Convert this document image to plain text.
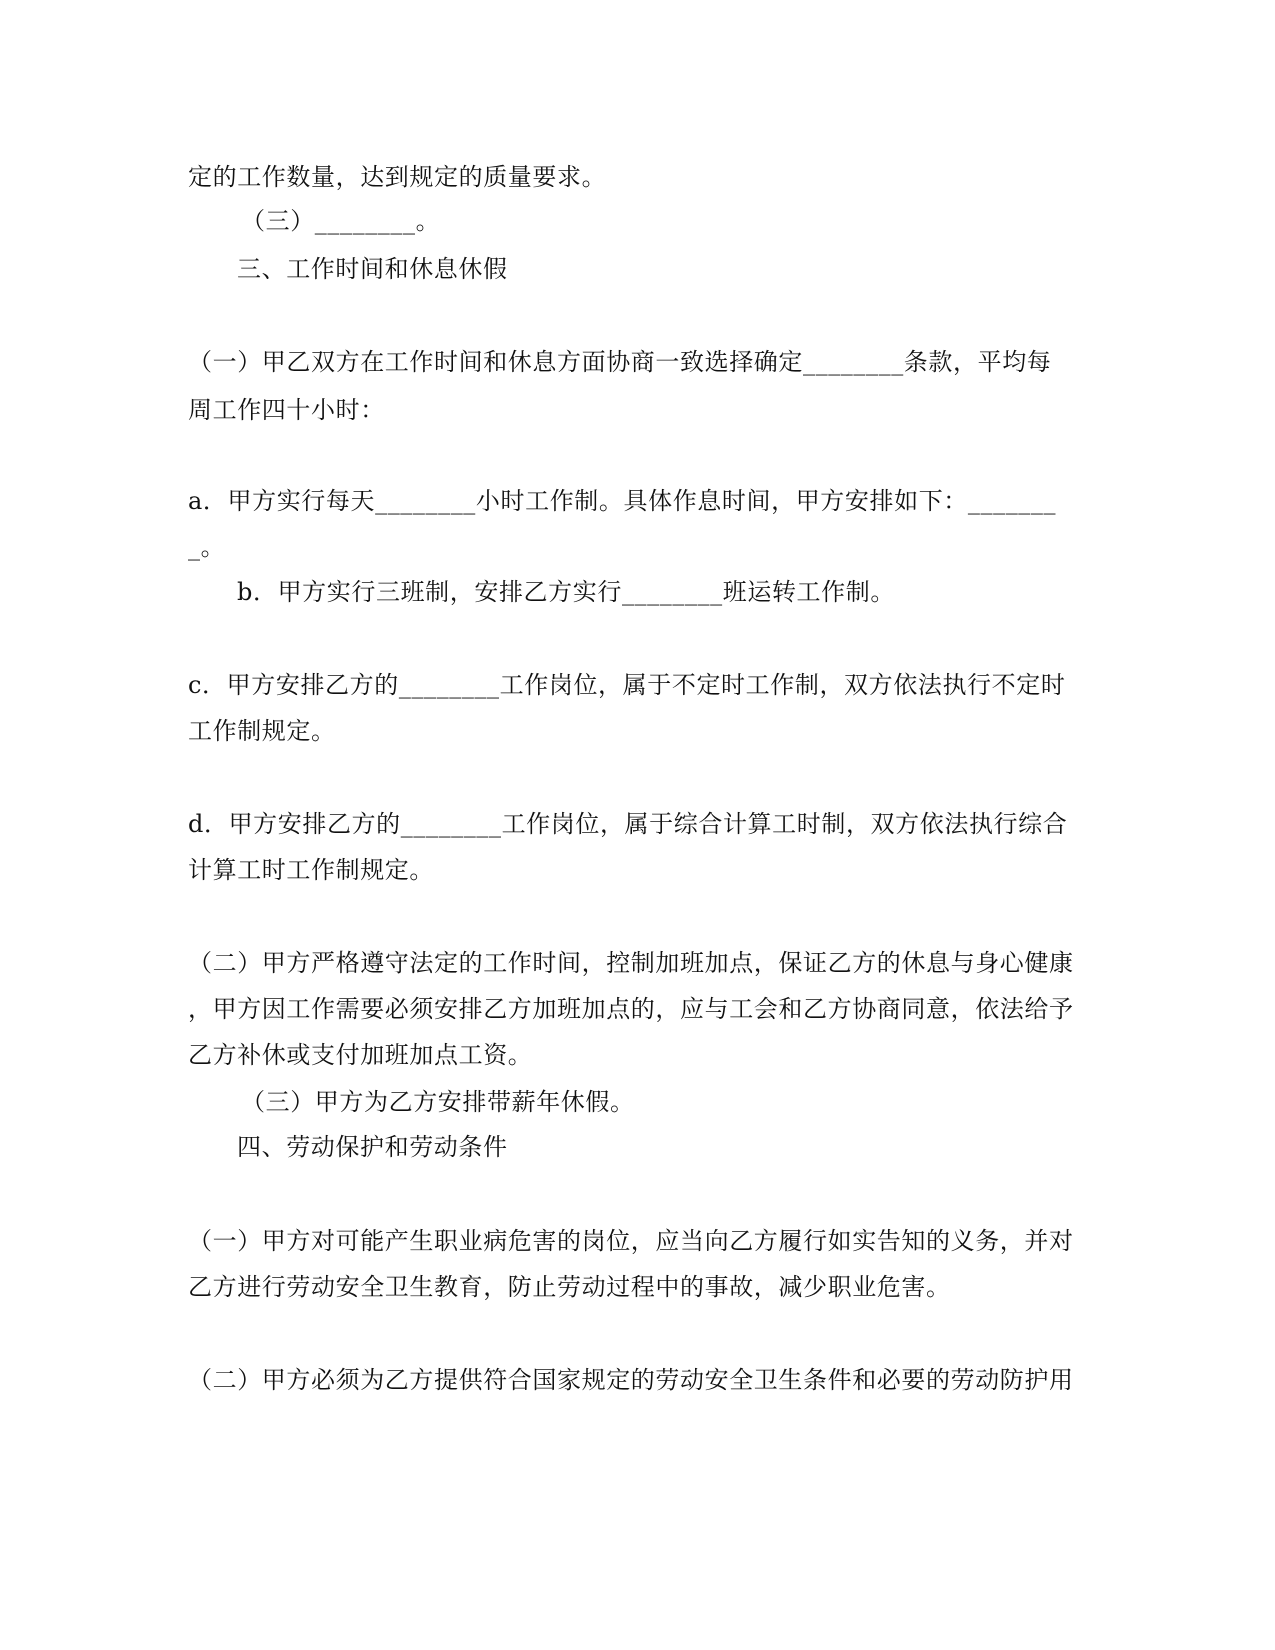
定的工作数量，达到规定的质量要求。
（三）________。
三、工作时间和休息休假
（一）甲乙双方在工作时间和休息方面协商一致选择确定________条款，平均每
周工作四十小时：
a．甲方实行每天________小时工作制。具体作息时间，甲方安排如下：_______
_。
b．甲方实行三班制，安排乙方实行________班运转工作制。
c．甲方安排乙方的________工作岗位，属于不定时工作制，双方依法执行不定时
工作制规定。
d．甲方安排乙方的________工作岗位，属于综合计算工时制，双方依法执行综合
计算工时工作制规定。
（二）甲方严格遵守法定的工作时间，控制加班加点，保证乙方的休息与身心健康
，甲方因工作需要必须安排乙方加班加点的，应与工会和乙方协商同意，依法给予
乙方补休或支付加班加点工资。
（三）甲方为乙方安排带薪年休假。
四、劳动保护和劳动条件
（一）甲方对可能产生职业病危害的岗位，应当向乙方履行如实告知的义务，并对
乙方进行劳动安全卫生教育，防止劳动过程中的事故，减少职业危害。
（二）甲方必须为乙方提供符合国家规定的劳动安全卫生条件和必要的劳动防护用
